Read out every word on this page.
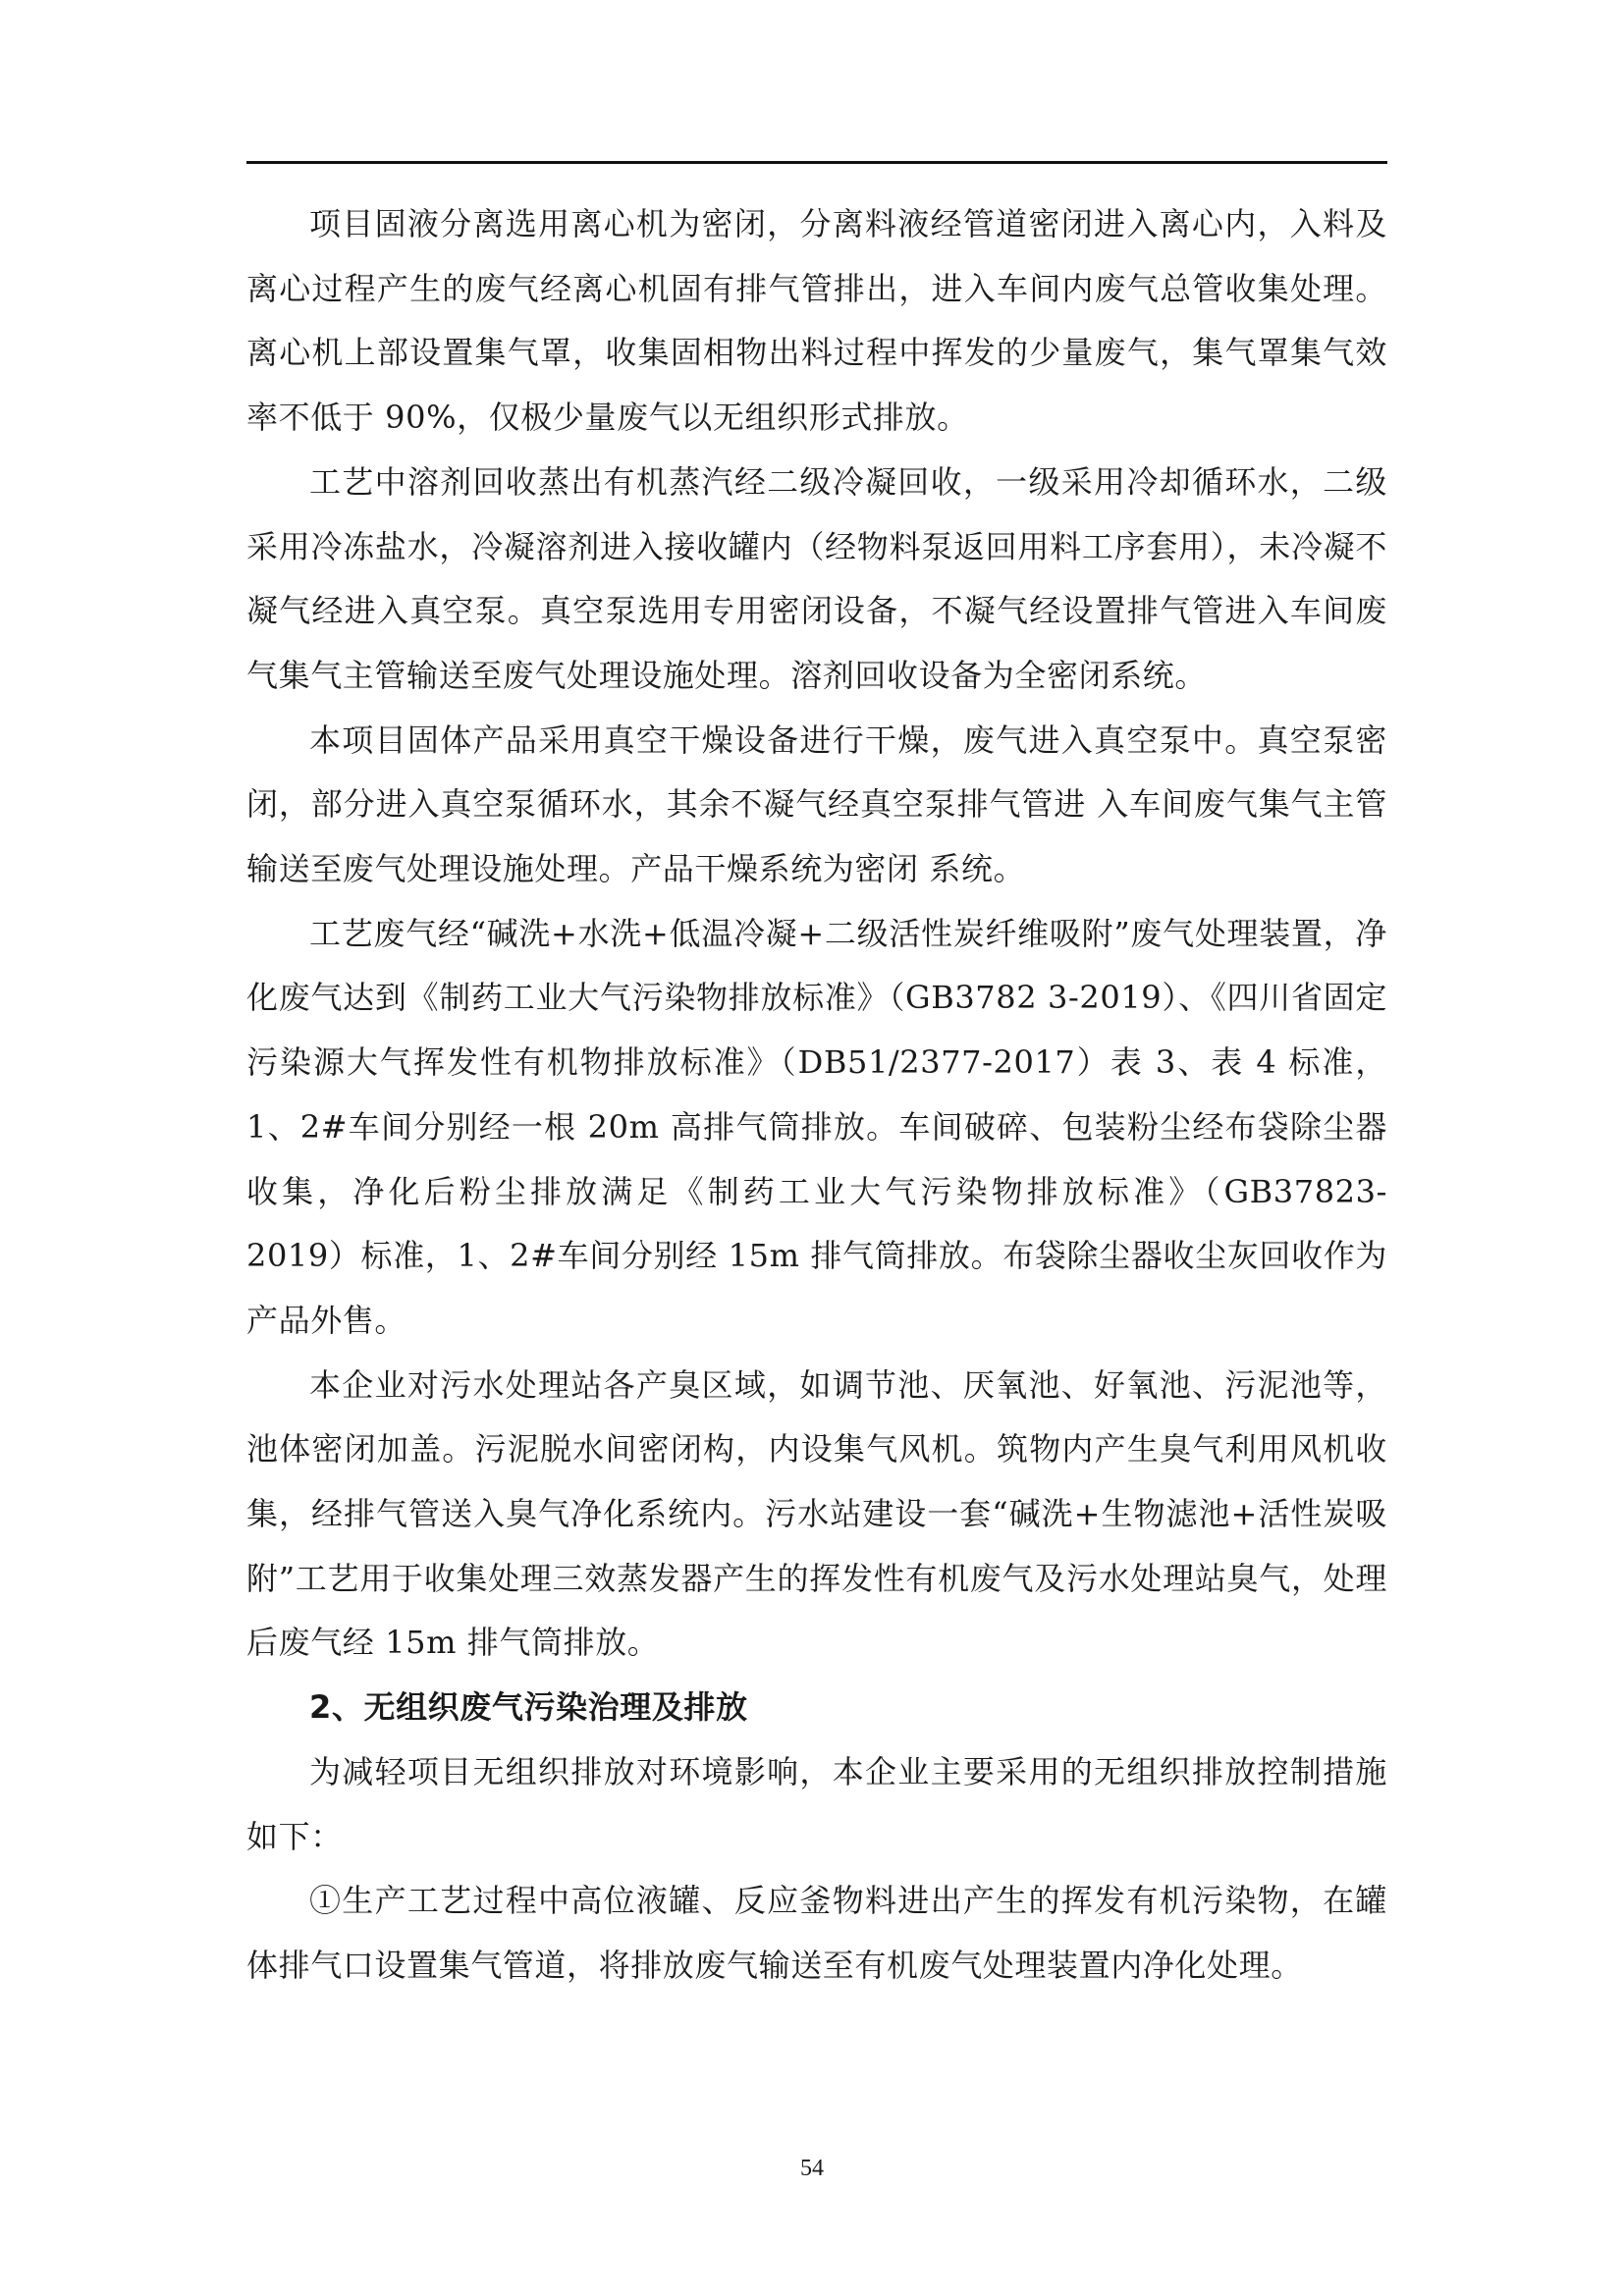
项目固液分离选用离心机为密闭，分离料液经管道密闭进入离心内，入料及离心过程产生的废气经离心机固有排气管排出，进入车间内废气总管收集处理。离心机上部设置集气罩，收集固相物出料过程中挥发的少量废气，集气罩集气效率不低于 90%，仅极少量废气以无组织形式排放。

工艺中溶剂回收蒸出有机蒸汽经二级冷凝回收，一级采用冷却循环水，二级采用冷冻盐水，冷凝溶剂进入接收罐内（经物料泵返回用料工序套用），未冷凝不凝气经进入真空泵。真空泵选用专用密闭设备，不凝气经设置排气管进入车间废气集气主管输送至废气处理设施处理。溶剂回收设备为全密闭系统。

本项目固体产品采用真空干燥设备进行干燥，废气进入真空泵中。真空泵密闭，部分进入真空泵循环水，其余不凝气经真空泵排气管进 入车间废气集气主管输送至废气处理设施处理。产品干燥系统为密闭 系统。

工艺废气经“碱洗+水洗+低温冷凝+二级活性炭纤维吸附”废气处理装置，净化废气达到《制药工业大气污染物排放标准》（GB3782 3-2019）、《四川省固定污染源大气挥发性有机物排放标准》（DB51/2377-2017）表 3、表 4 标准，1、2#车间分别经一根 20m 高排气筒排放。车间破碎、包装粉尘经布袋除尘器收集，净化后粉尘排放满足《制药工业大气污染物排放标准》（GB37823-2019）标准，1、2#车间分别经 15m 排气筒排放。布袋除尘器收尘灰回收作为产品外售。

本企业对污水处理站各产臭区域，如调节池、厌氧池、好氧池、污泥池等，池体密闭加盖。污泥脱水间密闭构，内设集气风机。筑物内产生臭气利用风机收集，经排气管送入臭气净化系统内。污水站建设一套“碱洗+生物滤池+活性炭吸附”工艺用于收集处理三效蒸发器产生的挥发性有机废气及污水处理站臭气，处理后废气经 15m 排气筒排放。

2、无组织废气污染治理及排放

为减轻项目无组织排放对环境影响，本企业主要采用的无组织排放控制措施如下：

①生产工艺过程中高位液罐、反应釜物料进出产生的挥发有机污染物，在罐体排气口设置集气管道，将排放废气输送至有机废气处理装置内净化处理。

54
